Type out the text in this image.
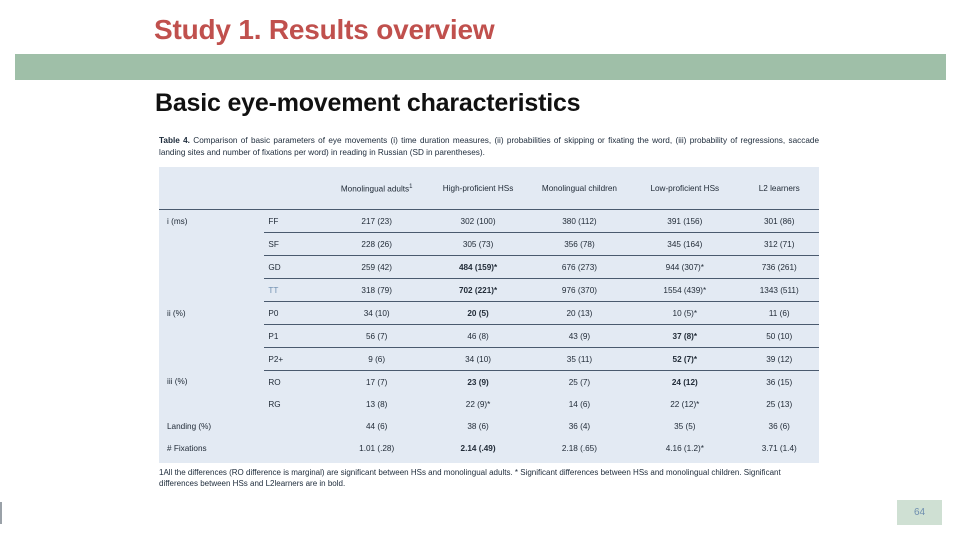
Study 1. Results overview
Basic eye-movement characteristics
Table 4. Comparison of basic parameters of eye movements (i) time duration measures, (ii) probabilities of skipping or fixating the word, (iii) probability of regressions, saccade landing sites and number of fixations per word) in reading in Russian (SD in parentheses).
		Monolingual adults$^1$	High-proficient HSs	Monolingual children	Low-proficient HSs	L2 learners
i (ms)	FF	217 (23)	302 (100)	380 (112)	391 (156)	301 (86)
	SF	228 (26)	305 (73)	356 (78)	345 (164)	312 (71)
	GD	259 (42)	484 (159)*	676 (273)	944 (307)*	736 (261)
	TT	318 (79)	702 (221)*	976 (370)	1554 (439)*	1343 (511)
ii (%)	P0	34 (10)	20 (5)	20 (13)	10 (5)*	11 (6)
	P1	56 (7)	46 (8)	43 (9)	37 (8)*	50 (10)
	P2+	9 (6)	34 (10)	35 (11)	52 (7)*	39 (12)
iii (%)	RO	17 (7)	23 (9)	25 (7)	24 (12)	36 (15)
	RG	13 (8)	22 (9)*	14 (6)	22 (12)*	25 (13)
Landing (%)		44 (6)	38 (6)	36 (4)	35 (5)	36 (6)
# Fixations		1.01 (.28)	2.14 (.49)	2.18 (.65)	4.16 (1.2)*	3.71 (1.4)
1All the differences (RO difference is marginal) are significant between HSs and monolingual adults. * Significant differences between HSs and monolingual children. Significant differences between HSs and L2learners are in bold.
64
